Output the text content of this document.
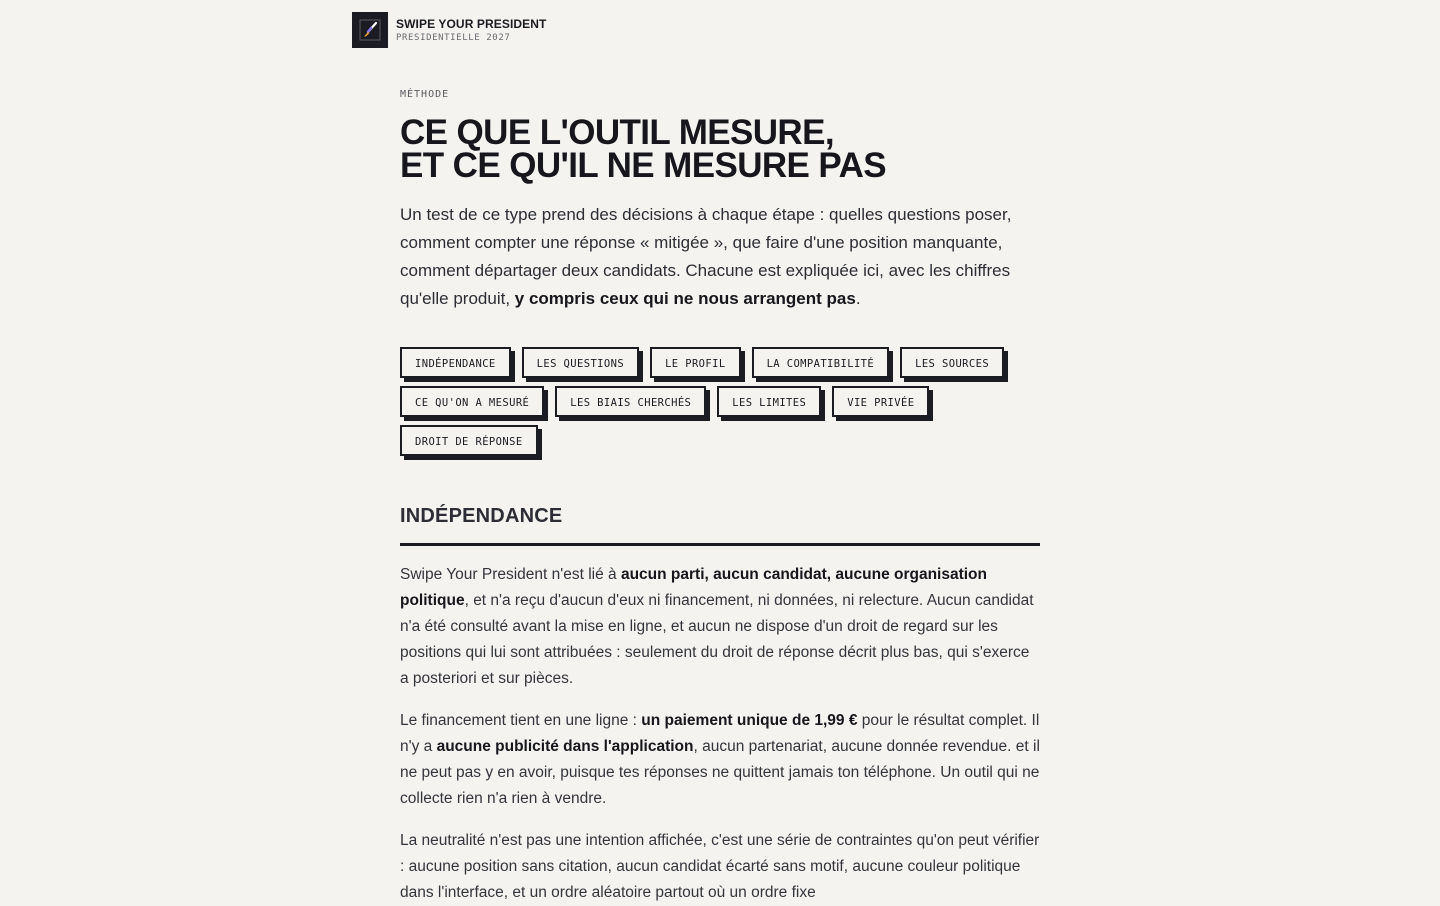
SWIPE YOUR PRESIDENT
PRESIDENTIELLE 2027

MÉTHODE

CE QUE L'OUTIL MESURE,
ET CE QU'IL NE MESURE PAS

Un test de ce type prend des décisions à chaque étape : quelles questions poser, comment compter une réponse « mitigée », que faire d'une position manquante, comment départager deux candidats. Chacune est expliquée ici, avec les chiffres qu'elle produit, y compris ceux qui ne nous arrangent pas.

INDÉPENDANCE	LES QUESTIONS	LE PROFIL	LA COMPATIBILITÉ	LES SOURCES
CE QU'ON A MESURÉ	LES BIAIS CHERCHÉS	LES LIMITES	VIE PRIVÉE
DROIT DE RÉPONSE
INDÉPENDANCE

Swipe Your President n'est lié à aucun parti, aucun candidat, aucune organisation politique, et n'a reçu d'aucun d'eux ni financement, ni données, ni relecture. Aucun candidat n'a été consulté avant la mise en ligne, et aucun ne dispose d'un droit de regard sur les positions qui lui sont attribuées : seulement du droit de réponse décrit plus bas, qui s'exerce a posteriori et sur pièces.

Le financement tient en une ligne : un paiement unique de 1,99 € pour le résultat complet. Il n'y a aucune publicité dans l'application, aucun partenariat, aucune donnée revendue. et il ne peut pas y en avoir, puisque tes réponses ne quittent jamais ton téléphone. Un outil qui ne collecte rien n'a rien à vendre.

La neutralité n'est pas une intention affichée, c'est une série de contraintes qu'on peut vérifier : aucune position sans citation, aucun candidat écarté sans motif, aucune couleur politique dans l'interface, et un ordre aléatoire partout où un ordre fixe
